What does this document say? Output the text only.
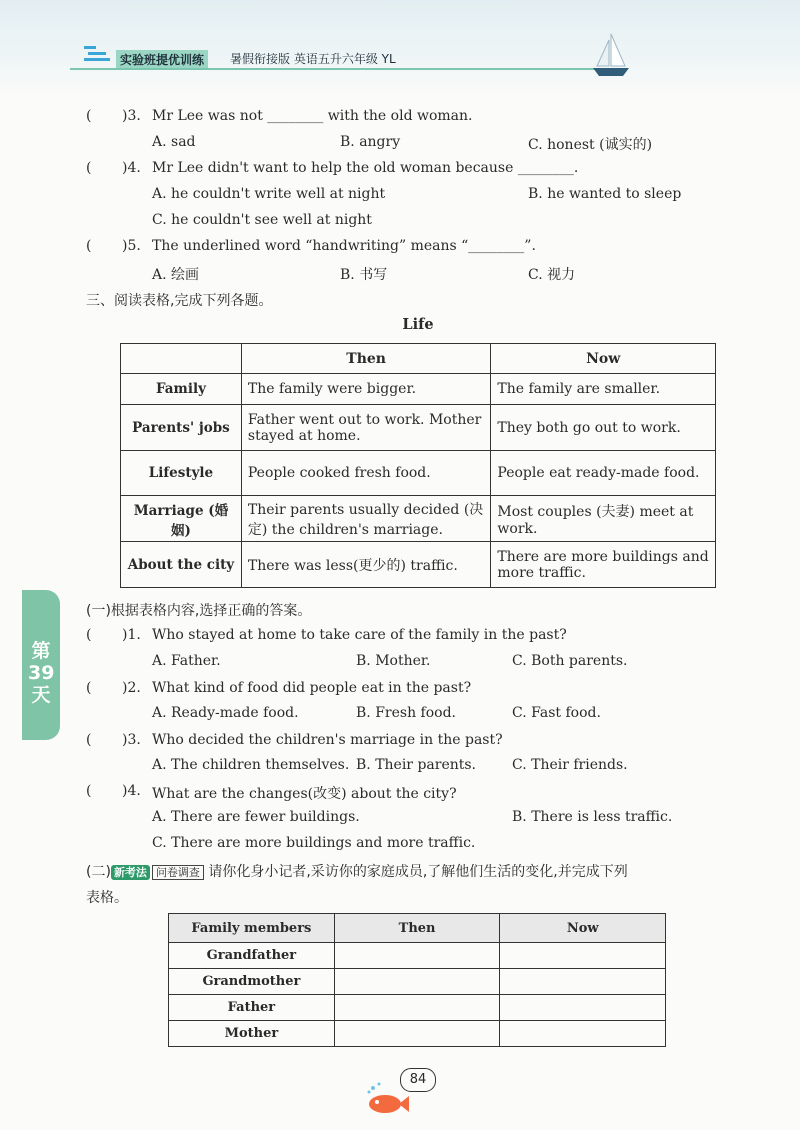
实验班提优训练	暑假衔接版 英语五升六年级 YL
( )3. Mr Lee was not ________ with the old woman.
A. sad	B. angry	C. honest (诚实的)
( )4. Mr Lee didn't want to help the old woman because ________.
A. he couldn't write well at night	B. he wanted to sleep
C. he couldn't see well at night
( )5. The underlined word “handwriting” means “________”.
A. 绘画	B. 书写	C. 视力
三、阅读表格,完成下列各题。
Life
	Then	Now
Family	The family were bigger.	The family are smaller.
Parents' jobs	Father went out to work. Mother stayed at home.	They both go out to work.
Lifestyle	People cooked fresh food.	People eat ready-made food.
Marriage (婚姻)	Their parents usually decided (决定) the children's marriage.	Most couples (夫妻) meet at work.
About the city	There was less(更少的) traffic.	There are more buildings and more traffic.
第39天
(一)根据表格内容,选择正确的答案。
( )1. Who stayed at home to take care of the family in the past?
A. Father.	B. Mother.	C. Both parents.
( )2. What kind of food did people eat in the past?
A. Ready-made food.	B. Fresh food.	C. Fast food.
( )3. Who decided the children's marriage in the past?
A. The children themselves. B. Their parents.	C. Their friends.
( )4. What are the changes(改变) about the city?
A. There are fewer buildings.	B. There is less traffic.
C. There are more buildings and more traffic.
(二) 新考法 问卷调查 请你化身小记者,采访你的家庭成员,了解他们生活的变化,并完成下列
表格。
Family members	Then	Now
Grandfather		
Grandmother		
Father		
Mother		
84
